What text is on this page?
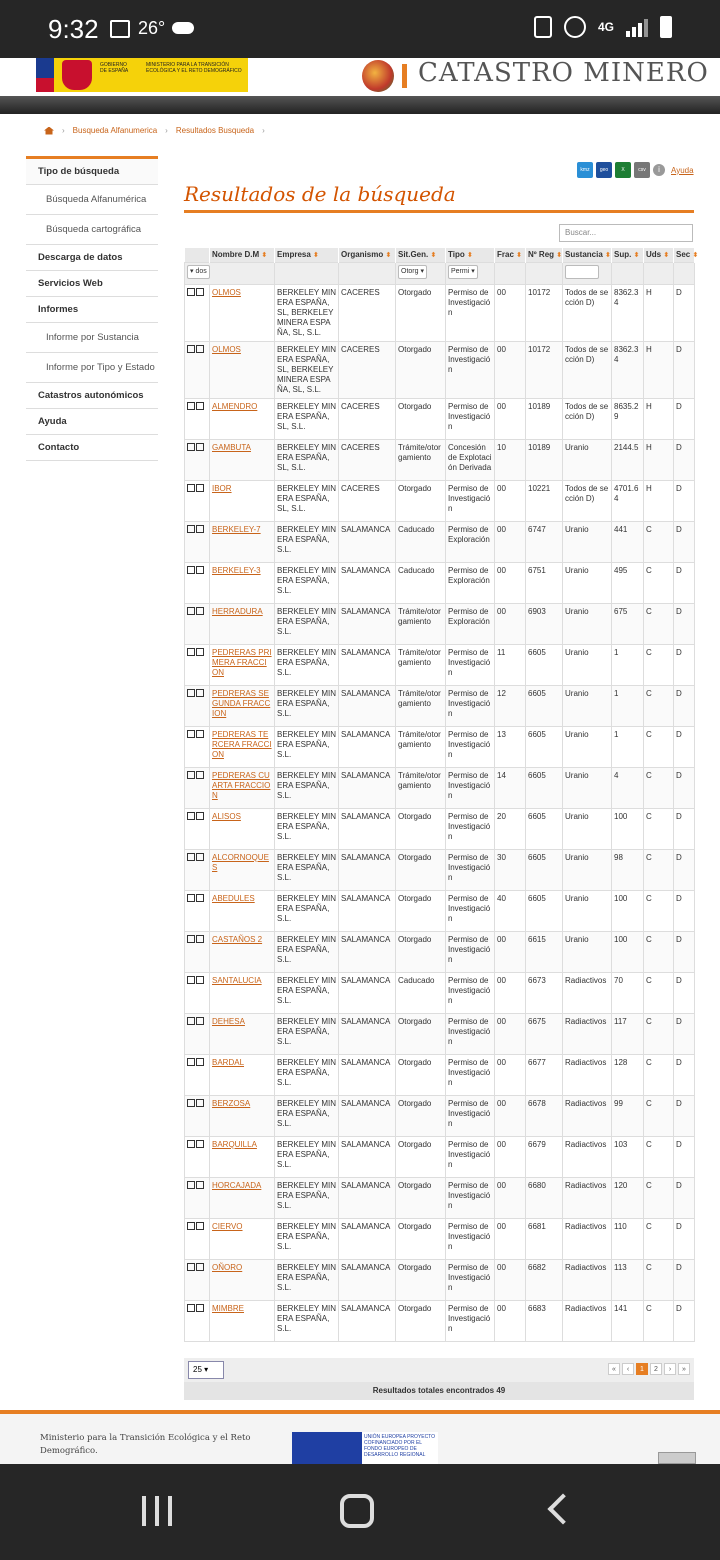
9:32 26°	4G
GOBIERNO DE ESPAÑA
MINISTERIO PARA LA TRANSICIÓN ECOLÓGICA Y EL RETO DEMOGRÁFICO	CATASTRO MINERO
› Busqueda Alfanumerica › Resultados Busqueda ›
Tipo de búsqueda
Búsqueda Alfanumérica
Búsqueda cartográfica
Descarga de datos
Servicios Web
Informes
Informe por Sustancia
Informe por Tipo y Estado
Catastros autonómicos
Ayuda
Contacto
kmz	geo json
X	csv	i	Ayuda
Resultados de la búsqueda
Buscar...
	Nombre D.M ⬍	Empresa ⬍	Organismo ⬍	Sit.Gen. ⬍	Tipo ⬍	Frac ⬍	Nº Reg ⬍	Sustancia ⬍	Sup. ⬍	Uds ⬍	Sec ⬍
▾ dos				Otorg ▾	Permi ▾						
	OLMOS	BERKELEY MINERA ESPAÑA, SL, BERKELEY MINERA ESPAÑA, SL, S.L.	CACERES	Otorgado	Permiso de Investigación	00	10172	Todos de sección D)	8362.34	H	D
	OLMOS	BERKELEY MINERA ESPAÑA, SL, BERKELEY MINERA ESPAÑA, SL, S.L.	CACERES	Otorgado	Permiso de Investigación	00	10172	Todos de sección D)	8362.34	H	D
	ALMENDRO	BERKELEY MINERA ESPAÑA, SL, S.L.	CACERES	Otorgado	Permiso de Investigación	00	10189	Todos de sección D)	8635.29	H	D
	GAMBUTA	BERKELEY MINERA ESPAÑA, SL, S.L.	CACERES	Trámite/otorgamiento	Concesión de Explotación Derivada	10	10189	Uranio	2144.5	H	D
	IBOR	BERKELEY MINERA ESPAÑA, SL, S.L.	CACERES	Otorgado	Permiso de Investigación	00	10221	Todos de sección D)	4701.64	H	D
	BERKELEY-7	BERKELEY MINERA ESPAÑA, S.L.	SALAMANCA	Caducado	Permiso de Exploración	00	6747	Uranio	441	C	D
	BERKELEY-3	BERKELEY MINERA ESPAÑA, S.L.	SALAMANCA	Caducado	Permiso de Exploración	00	6751	Uranio	495	C	D
	HERRADURA	BERKELEY MINERA ESPAÑA, S.L.	SALAMANCA	Trámite/otorgamiento	Permiso de Exploración	00	6903	Uranio	675	C	D
	PEDRERAS PRIMERA FRACCION	BERKELEY MINERA ESPAÑA, S.L.	SALAMANCA	Trámite/otorgamiento	Permiso de Investigación	11	6605	Uranio	1	C	D
	PEDRERAS SEGUNDA FRACCION	BERKELEY MINERA ESPAÑA, S.L.	SALAMANCA	Trámite/otorgamiento	Permiso de Investigación	12	6605	Uranio	1	C	D
	PEDRERAS TERCERA FRACCION	BERKELEY MINERA ESPAÑA, S.L.	SALAMANCA	Trámite/otorgamiento	Permiso de Investigación	13	6605	Uranio	1	C	D
	PEDRERAS CUARTA FRACCION	BERKELEY MINERA ESPAÑA, S.L.	SALAMANCA	Trámite/otorgamiento	Permiso de Investigación	14	6605	Uranio	4	C	D
	ALISOS	BERKELEY MINERA ESPAÑA, S.L.	SALAMANCA	Otorgado	Permiso de Investigación	20	6605	Uranio	100	C	D
	ALCORNOQUES	BERKELEY MINERA ESPAÑA, S.L.	SALAMANCA	Otorgado	Permiso de Investigación	30	6605	Uranio	98	C	D
	ABEDULES	BERKELEY MINERA ESPAÑA, S.L.	SALAMANCA	Otorgado	Permiso de Investigación	40	6605	Uranio	100	C	D
	CASTAÑOS 2	BERKELEY MINERA ESPAÑA, S.L.	SALAMANCA	Otorgado	Permiso de Investigación	00	6615	Uranio	100	C	D
	SANTALUCIA	BERKELEY MINERA ESPAÑA, S.L.	SALAMANCA	Caducado	Permiso de Investigación	00	6673	Radiactivos	70	C	D
	DEHESA	BERKELEY MINERA ESPAÑA, S.L.	SALAMANCA	Otorgado	Permiso de Investigación	00	6675	Radiactivos	117	C	D
	BARDAL	BERKELEY MINERA ESPAÑA, S.L.	SALAMANCA	Otorgado	Permiso de Investigación	00	6677	Radiactivos	128	C	D
	BERZOSA	BERKELEY MINERA ESPAÑA, S.L.	SALAMANCA	Otorgado	Permiso de Investigación	00	6678	Radiactivos	99	C	D
	BARQUILLA	BERKELEY MINERA ESPAÑA, S.L.	SALAMANCA	Otorgado	Permiso de Investigación	00	6679	Radiactivos	103	C	D
	HORCAJADA	BERKELEY MINERA ESPAÑA, S.L.	SALAMANCA	Otorgado	Permiso de Investigación	00	6680	Radiactivos	120	C	D
	CIERVO	BERKELEY MINERA ESPAÑA, S.L.	SALAMANCA	Otorgado	Permiso de Investigación	00	6681	Radiactivos	110	C	D
	OÑORO	BERKELEY MINERA ESPAÑA, S.L.	SALAMANCA	Otorgado	Permiso de Investigación	00	6682	Radiactivos	113	C	D
	MIMBRE	BERKELEY MINERA ESPAÑA, S.L.	SALAMANCA	Otorgado	Permiso de Investigación	00	6683	Radiactivos	141	C	D
25 ▾	«	‹	1	2	›	»
Resultados totales encontrados 49
Ministerio para la Transición Ecológica y el Reto Demográfico.
UNIÓN EUROPEA PROYECTO COFINANCIADO POR EL FONDO EUROPEO DE DESARROLLO REGIONAL
